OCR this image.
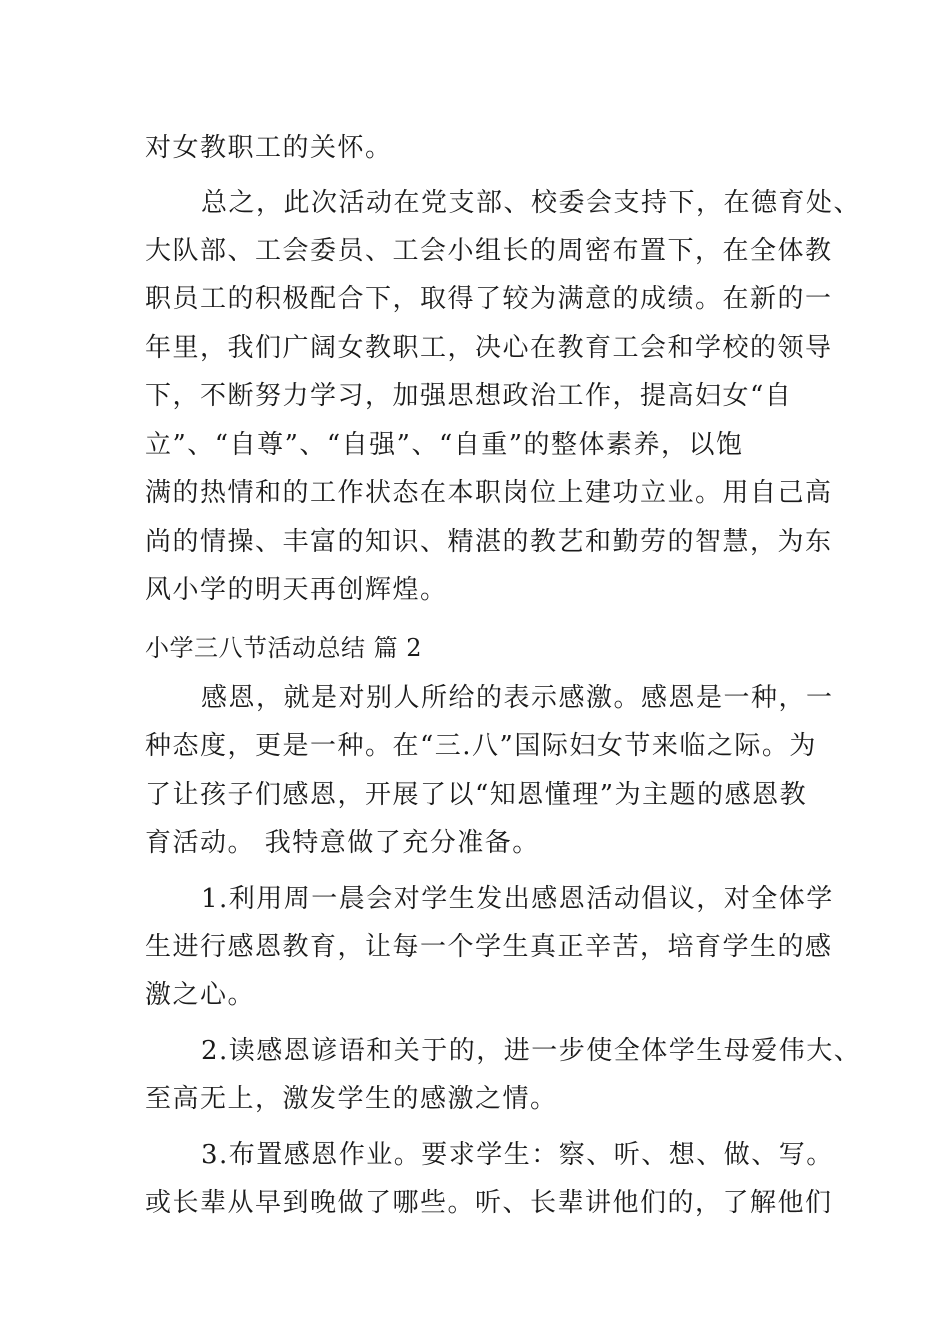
对女教职工的关怀。
总之，此次活动在党支部、校委会支持下，在德育处、
大队部、工会委员、工会小组长的周密布置下，在全体教
职员工的积极配合下，取得了较为满意的成绩。在新的一
年里，我们广阔女教职工，决心在教育工会和学校的领导
下，不断努力学习，加强思想政治工作，提高妇女“自
立”、“自尊”、“自强”、“自重”的整体素养，以饱
满的热情和的工作状态在本职岗位上建功立业。用自己高
尚的情操、丰富的知识、精湛的教艺和勤劳的智慧，为东
风小学的明天再创辉煌。
小学三八节活动总结 篇 2
感恩，就是对别人所给的表示感激。感恩是一种，一
种态度，更是一种。在“三.八”国际妇女节来临之际。为
了让孩子们感恩，开展了以“知恩懂理”为主题的感恩教
育活动。 我特意做了充分准备。
1.利用周一晨会对学生发出感恩活动倡议，对全体学
生进行感恩教育，让每一个学生真正辛苦，培育学生的感
激之心。
2.读感恩谚语和关于的，进一步使全体学生母爱伟大、
至高无上，激发学生的感激之情。
3.布置感恩作业。要求学生：察、听、想、做、写。
或长辈从早到晚做了哪些。听、长辈讲他们的，了解他们
